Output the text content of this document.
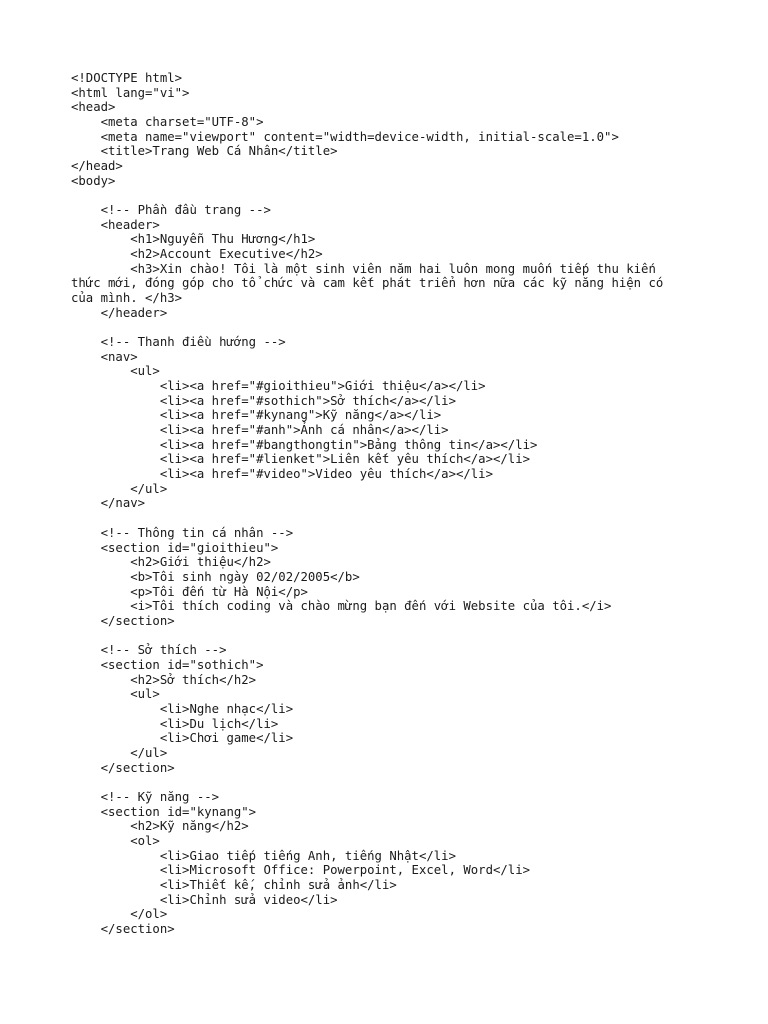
<!DOCTYPE html>
<html lang="vi">
<head>
<meta charset="UTF-8">
<meta name="viewport" content="width=device-width, initial-scale=1.0">
<title>Trang Web Cá Nhân</title>
</head>
<body>
<!-- Phần đầu trang -->
<header>
<h1>Nguyễn Thu Hương</h1>
<h2>Account Executive</h2>
<h3>Xin chào! Tôi là một sinh viên năm hai luôn mong muốn tiếp thu kiến
thức mới, đóng góp cho tổ chức và cam kết phát triển hơn nữa các kỹ năng hiện có
của mình. </h3>
</header>
<!-- Thanh điều hướng -->
<nav>
<ul>
<li><a href="#gioithieu">Giới thiệu</a></li>
<li><a href="#sothich">Sở thích</a></li>
<li><a href="#kynang">Kỹ năng</a></li>
<li><a href="#anh">Ảnh cá nhân</a></li>
<li><a href="#bangthongtin">Bảng thông tin</a></li>
<li><a href="#lienket">Liên kết yêu thích</a></li>
<li><a href="#video">Video yêu thích</a></li>
</ul>
</nav>
<!-- Thông tin cá nhân -->
<section id="gioithieu">
<h2>Giới thiệu</h2>
<b>Tôi sinh ngày 02/02/2005</b>
<p>Tôi đến từ Hà Nội</p>
<i>Tôi thích coding và chào mừng bạn đến với Website của tôi.</i>
</section>
<!-- Sở thích -->
<section id="sothich">
<h2>Sở thích</h2>
<ul>
<li>Nghe nhạc</li>
<li>Du lịch</li>
<li>Chơi game</li>
</ul>
</section>
<!-- Kỹ năng -->
<section id="kynang">
<h2>Kỹ năng</h2>
<ol>
<li>Giao tiếp tiếng Anh, tiếng Nhật</li>
<li>Microsoft Office: Powerpoint, Excel, Word</li>
<li>Thiết kế, chỉnh sửa ảnh</li>
<li>Chỉnh sửa video</li>
</ol>
</section>
